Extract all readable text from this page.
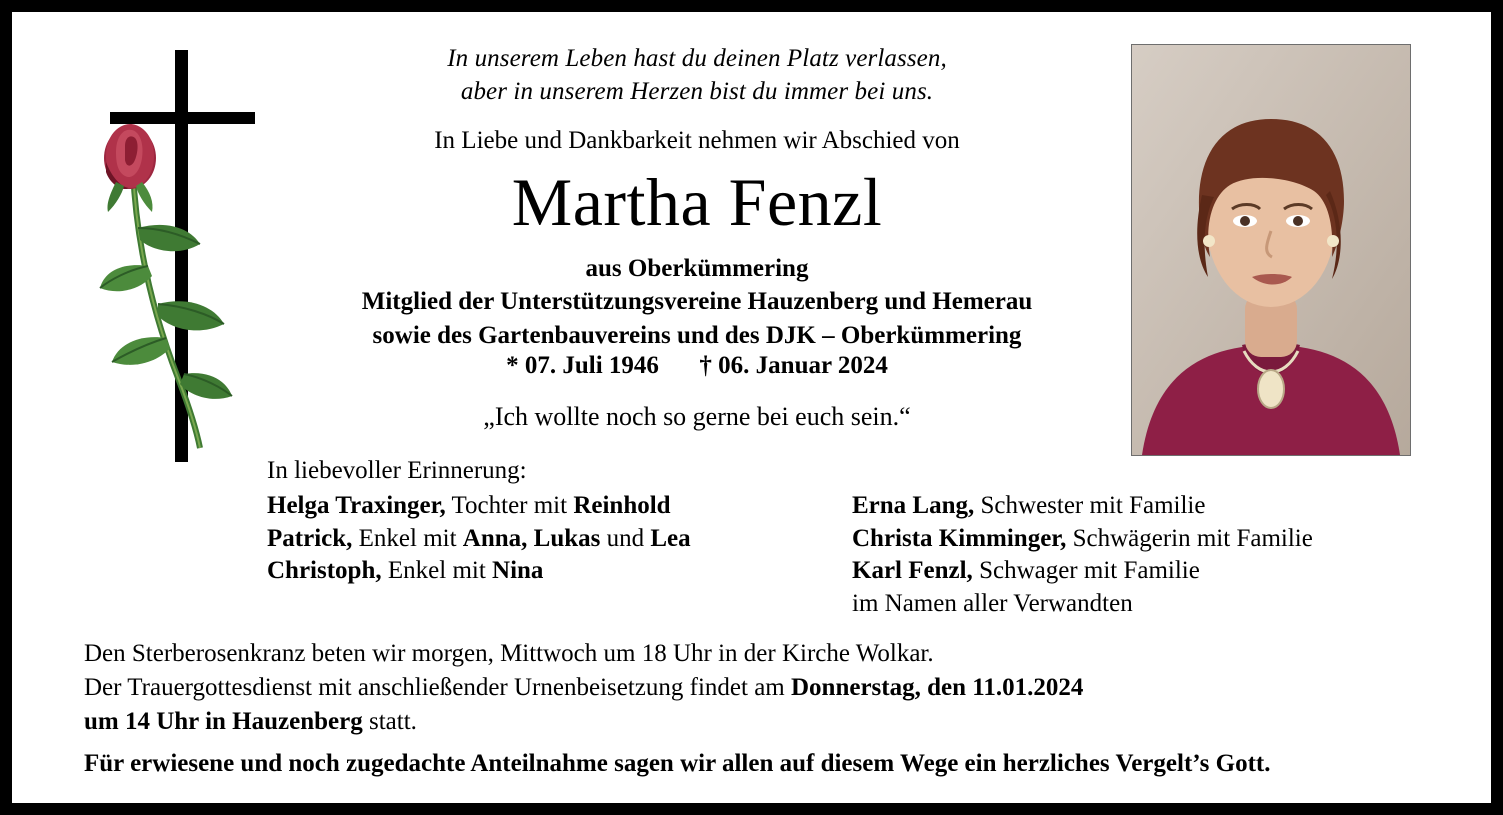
In unserem Leben hast du deinen Platz verlassen,
aber in unserem Herzen bist du immer bei uns.
In Liebe und Dankbarkeit nehmen wir Abschied von
Martha Fenzl
aus Oberkümmering
Mitglied der Unterstützungsvereine Hauzenberg und Hemerau
sowie des Gartenbauvereins und des DJK – Oberkümmering
* 07. Juli 1946 † 06. Januar 2024
„Ich wollte noch so gerne bei euch sein.“
In liebevoller Erinnerung:
Helga Traxinger, Tochter mit Reinhold
Patrick, Enkel mit Anna, Lukas und Lea
Christoph, Enkel mit Nina
Erna Lang, Schwester mit Familie
Christa Kimminger, Schwägerin mit Familie
Karl Fenzl, Schwager mit Familie
im Namen aller Verwandten
Den Sterberosenkranz beten wir morgen, Mittwoch um 18 Uhr in der Kirche Wolkar.
Der Trauergottesdienst mit anschließender Urnenbeisetzung findet am Donnerstag, den 11.01.2024
um 14 Uhr in Hauzenberg statt.
Für erwiesene und noch zugedachte Anteilnahme sagen wir allen auf diesem Wege ein herzliches Vergelt’s Gott.
